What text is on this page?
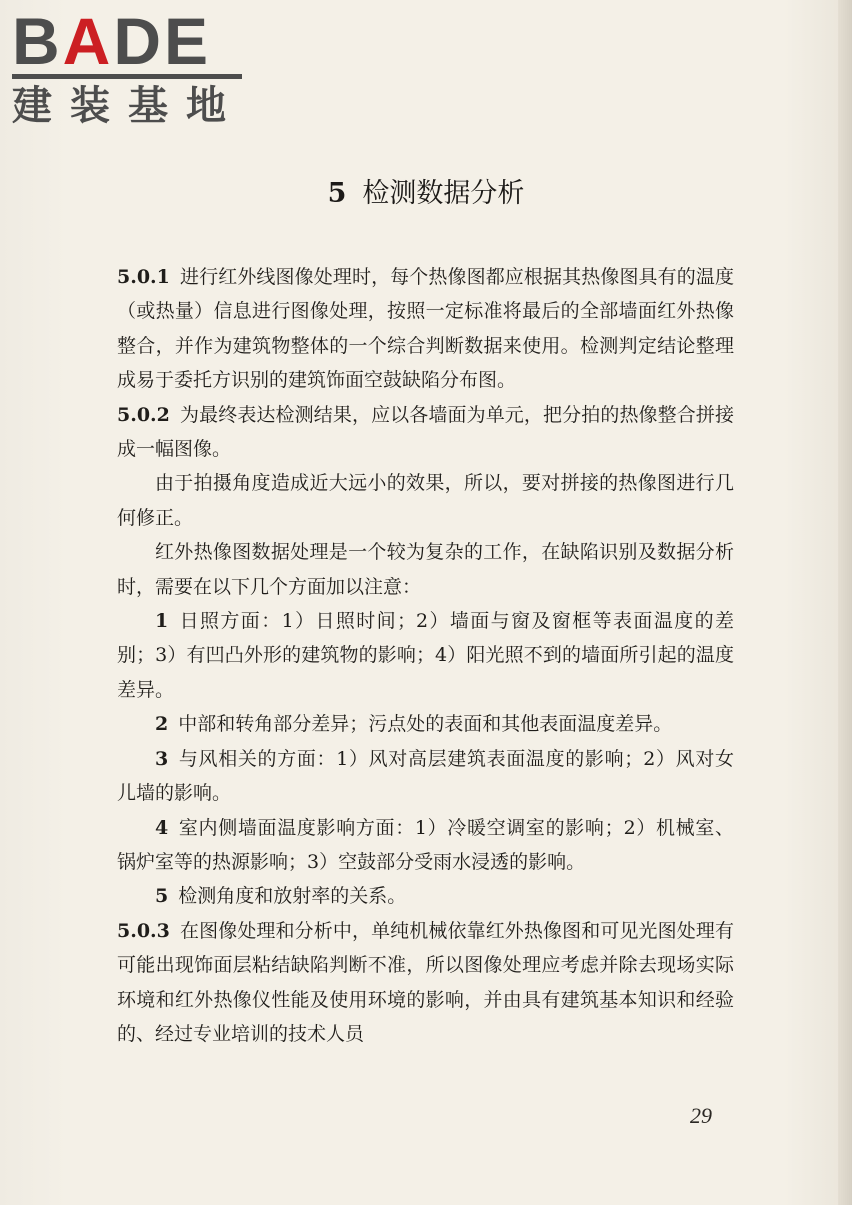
BADE
建装基地
5 检测数据分析

5.0.1 进行红外线图像处理时，每个热像图都应根据其热像图具有的温度（或热量）信息进行图像处理，按照一定标准将最后的全部墙面红外热像整合，并作为建筑物整体的一个综合判断数据来使用。检测判定结论整理成易于委托方识别的建筑饰面空鼓缺陷分布图。

5.0.2 为最终表达检测结果，应以各墙面为单元，把分拍的热像整合拼接成一幅图像。

由于拍摄角度造成近大远小的效果，所以，要对拼接的热像图进行几何修正。

红外热像图数据处理是一个较为复杂的工作，在缺陷识别及数据分析时，需要在以下几个方面加以注意：

1 日照方面：1）日照时间；2）墙面与窗及窗框等表面温度的差别；3）有凹凸外形的建筑物的影响；4）阳光照不到的墙面所引起的温度差异。

2 中部和转角部分差异；污点处的表面和其他表面温度差异。

3 与风相关的方面：1）风对高层建筑表面温度的影响；2）风对女儿墙的影响。

4 室内侧墙面温度影响方面：1）冷暖空调室的影响；2）机械室、锅炉室等的热源影响；3）空鼓部分受雨水浸透的影响。

5 检测角度和放射率的关系。

5.0.3 在图像处理和分析中，单纯机械依靠红外热像图和可见光图处理有可能出现饰面层粘结缺陷判断不准，所以图像处理应考虑并除去现场实际环境和红外热像仪性能及使用环境的影响，并由具有建筑基本知识和经验的、经过专业培训的技术人员

29
